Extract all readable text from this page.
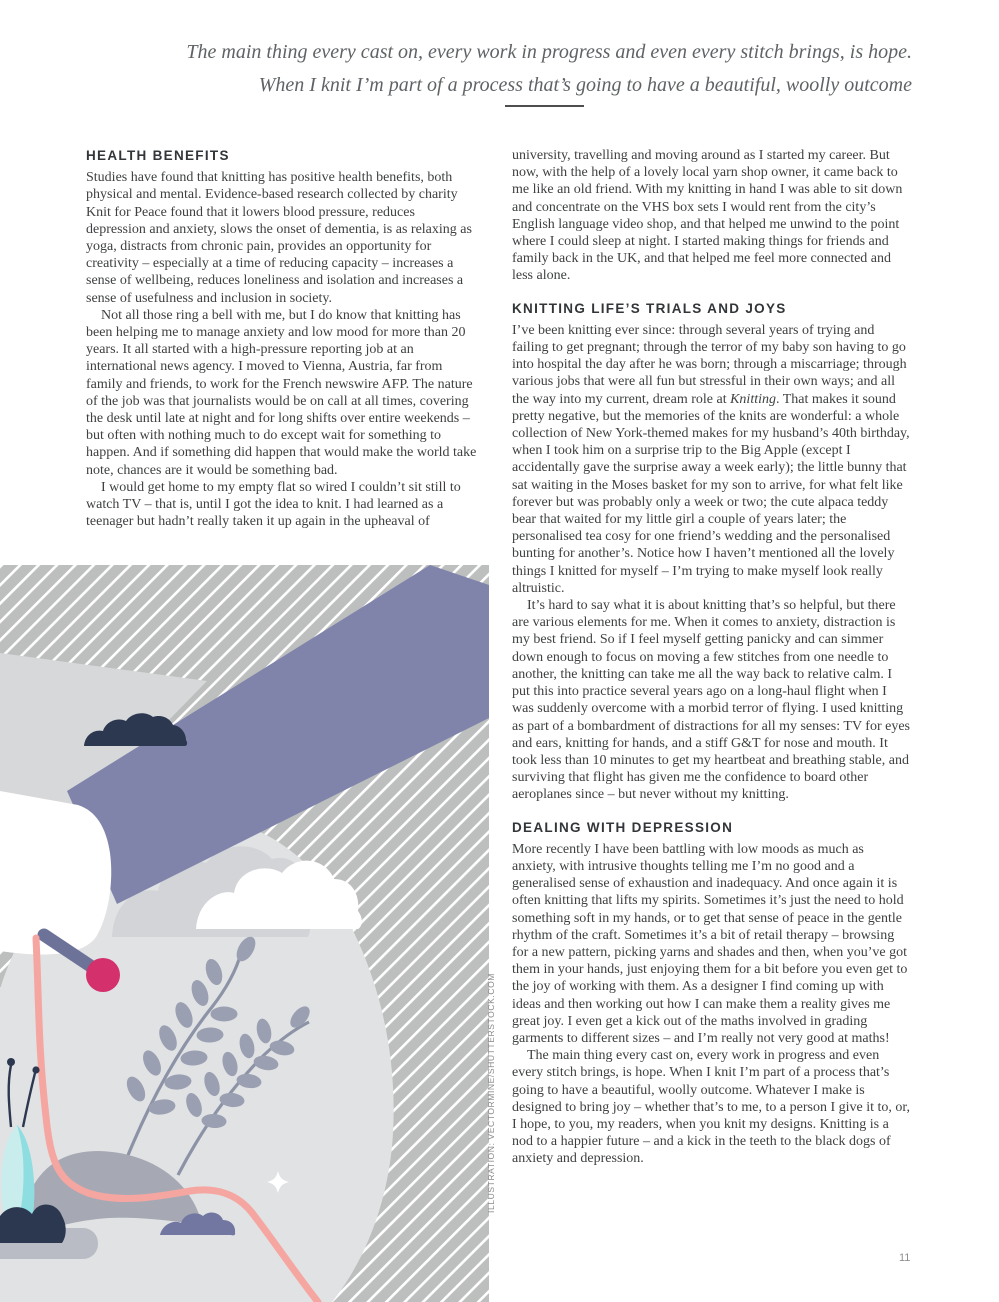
The main thing every cast on, every work in progress and even every stitch brings, is hope.
When I knit I’m part of a process that’s going to have a beautiful, woolly outcome
HEALTH BENEFITS

Studies have found that knitting has positive health benefits, both physical and mental. Evidence-based research collected by charity Knit for Peace found that it lowers blood pressure, reduces depression and anxiety, slows the onset of dementia, is as relaxing as yoga, distracts from chronic pain, provides an opportunity for creativity – especially at a time of reducing capacity – increases a sense of wellbeing, reduces loneliness and isolation and increases a sense of usefulness and inclusion in society.

Not all those ring a bell with me, but I do know that knitting has been helping me to manage anxiety and low mood for more than 20 years. It all started with a high-pressure reporting job at an international news agency. I moved to Vienna, Austria, far from family and friends, to work for the French newswire AFP. The nature of the job was that journalists would be on call at all times, covering the desk until late at night and for long shifts over entire weekends – but often with nothing much to do except wait for something to happen. And if something did happen that would make the world take note, chances are it would be something bad.

I would get home to my empty flat so wired I couldn’t sit still to watch TV – that is, until I got the idea to knit. I had learned as a teenager but hadn’t really taken it up again in the upheaval of

university, travelling and moving around as I started my career. But now, with the help of a lovely local yarn shop owner, it came back to me like an old friend. With my knitting in hand I was able to sit down and concentrate on the VHS box sets I would rent from the city’s English language video shop, and that helped me unwind to the point where I could sleep at night. I started making things for friends and family back in the UK, and that helped me feel more connected and less alone.

KNITTING LIFE’S TRIALS AND JOYS

I’ve been knitting ever since: through several years of trying and failing to get pregnant; through the terror of my baby son having to go into hospital the day after he was born; through a miscarriage; through various jobs that were all fun but stressful in their own ways; and all the way into my current, dream role at Knitting. That makes it sound pretty negative, but the memories of the knits are wonderful: a whole collection of New York-themed makes for my husband’s 40th birthday, when I took him on a surprise trip to the Big Apple (except I accidentally gave the surprise away a week early); the little bunny that sat waiting in the Moses basket for my son to arrive, for what felt like forever but was probably only a week or two; the cute alpaca teddy bear that waited for my little girl a couple of years later; the personalised tea cosy for one friend’s wedding and the personalised bunting for another’s. Notice how I haven’t mentioned all the lovely things I knitted for myself – I’m trying to make myself look really altruistic.

It’s hard to say what it is about knitting that’s so helpful, but there are various elements for me. When it comes to anxiety, distraction is my best friend. So if I feel myself getting panicky and can simmer down enough to focus on moving a few stitches from one needle to another, the knitting can take me all the way back to relative calm. I put this into practice several years ago on a long-haul flight when I was suddenly overcome with a morbid terror of flying. I used knitting as part of a bombardment of distractions for all my senses: TV for eyes and ears, knitting for hands, and a stiff G&T for nose and mouth. It took less than 10 minutes to get my heartbeat and breathing stable, and surviving that flight has given me the confidence to board other aeroplanes since – but never without my knitting.

DEALING WITH DEPRESSION

More recently I have been battling with low moods as much as anxiety, with intrusive thoughts telling me I’m no good and a generalised sense of exhaustion and inadequacy. And once again it is often knitting that lifts my spirits. Sometimes it’s just the need to hold something soft in my hands, or to get that sense of peace in the gentle rhythm of the craft. Sometimes it’s a bit of retail therapy – browsing for a new pattern, picking yarns and shades and then, when you’ve got them in your hands, just enjoying them for a bit before you even get to the joy of working with them. As a designer I find coming up with ideas and then working out how I can make them a reality gives me great joy. I even get a kick out of the maths involved in grading garments to different sizes – and I’m really not very good at maths!

The main thing every cast on, every work in progress and even every stitch brings, is hope. When I knit I’m part of a process that’s going to have a beautiful, woolly outcome. Whatever I make is designed to bring joy – whether that’s to me, to a person I give it to, or, I hope, to you, my readers, when you knit my designs. Knitting is a nod to a happier future – and a kick in the teeth to the black dogs of anxiety and depression.

ILLUSTRATION: VECTORMINE/SHUTTERSTOCK.COM
11
